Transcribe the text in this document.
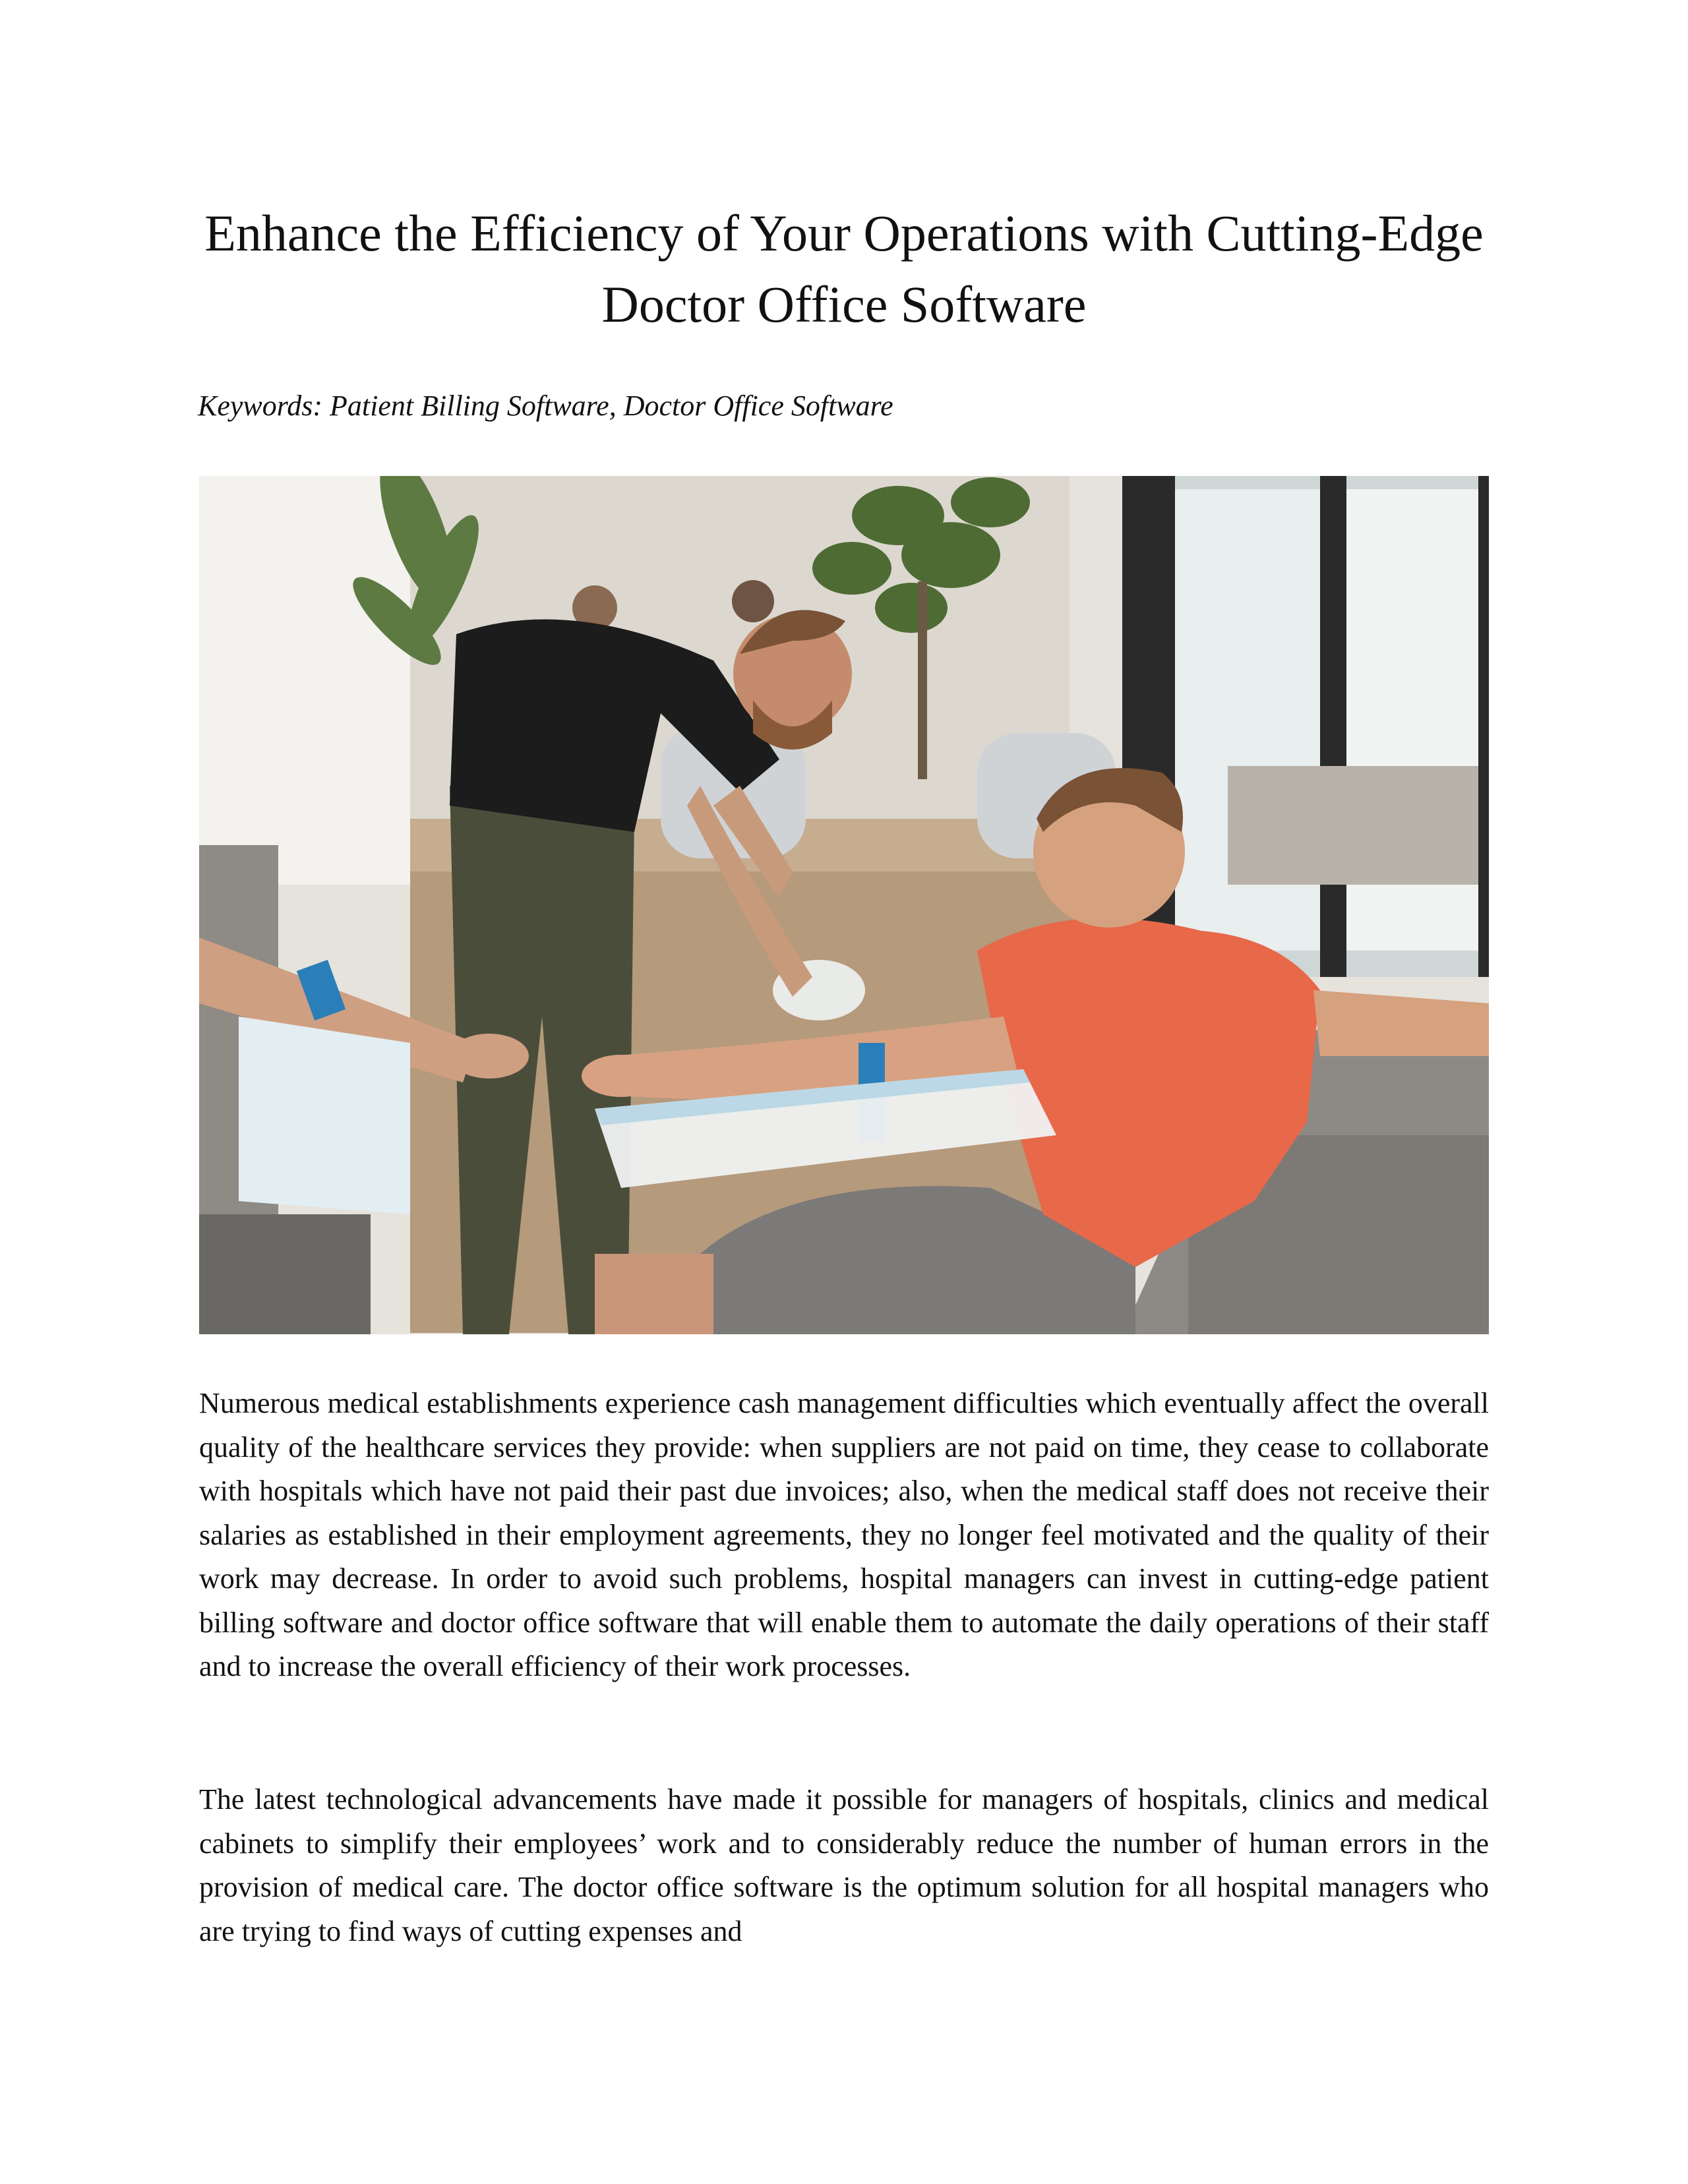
Enhance the Efficiency of Your Operations with Cutting-Edge Doctor Office Software
Keywords: Patient Billing Software, Doctor Office Software

Numerous medical establishments experience cash management difficulties which eventually affect the overall quality of the healthcare services they provide: when suppliers are not paid on time, they cease to collaborate with hospitals which have not paid their past due invoices; also, when the medical staff does not receive their salaries as established in their employment agreements, they no longer feel motivated and the quality of their work may decrease. In order to avoid such problems, hospital managers can invest in cutting-edge patient billing software and doctor office software that will enable them to automate the daily operations of their staff and to increase the overall efficiency of their work processes.

The latest technological advancements have made it possible for managers of hospitals, clinics and medical cabinets to simplify their employees’ work and to considerably reduce the number of human errors in the provision of medical care. The doctor office software is the optimum solution for all hospital managers who are trying to find ways of cutting expenses and
